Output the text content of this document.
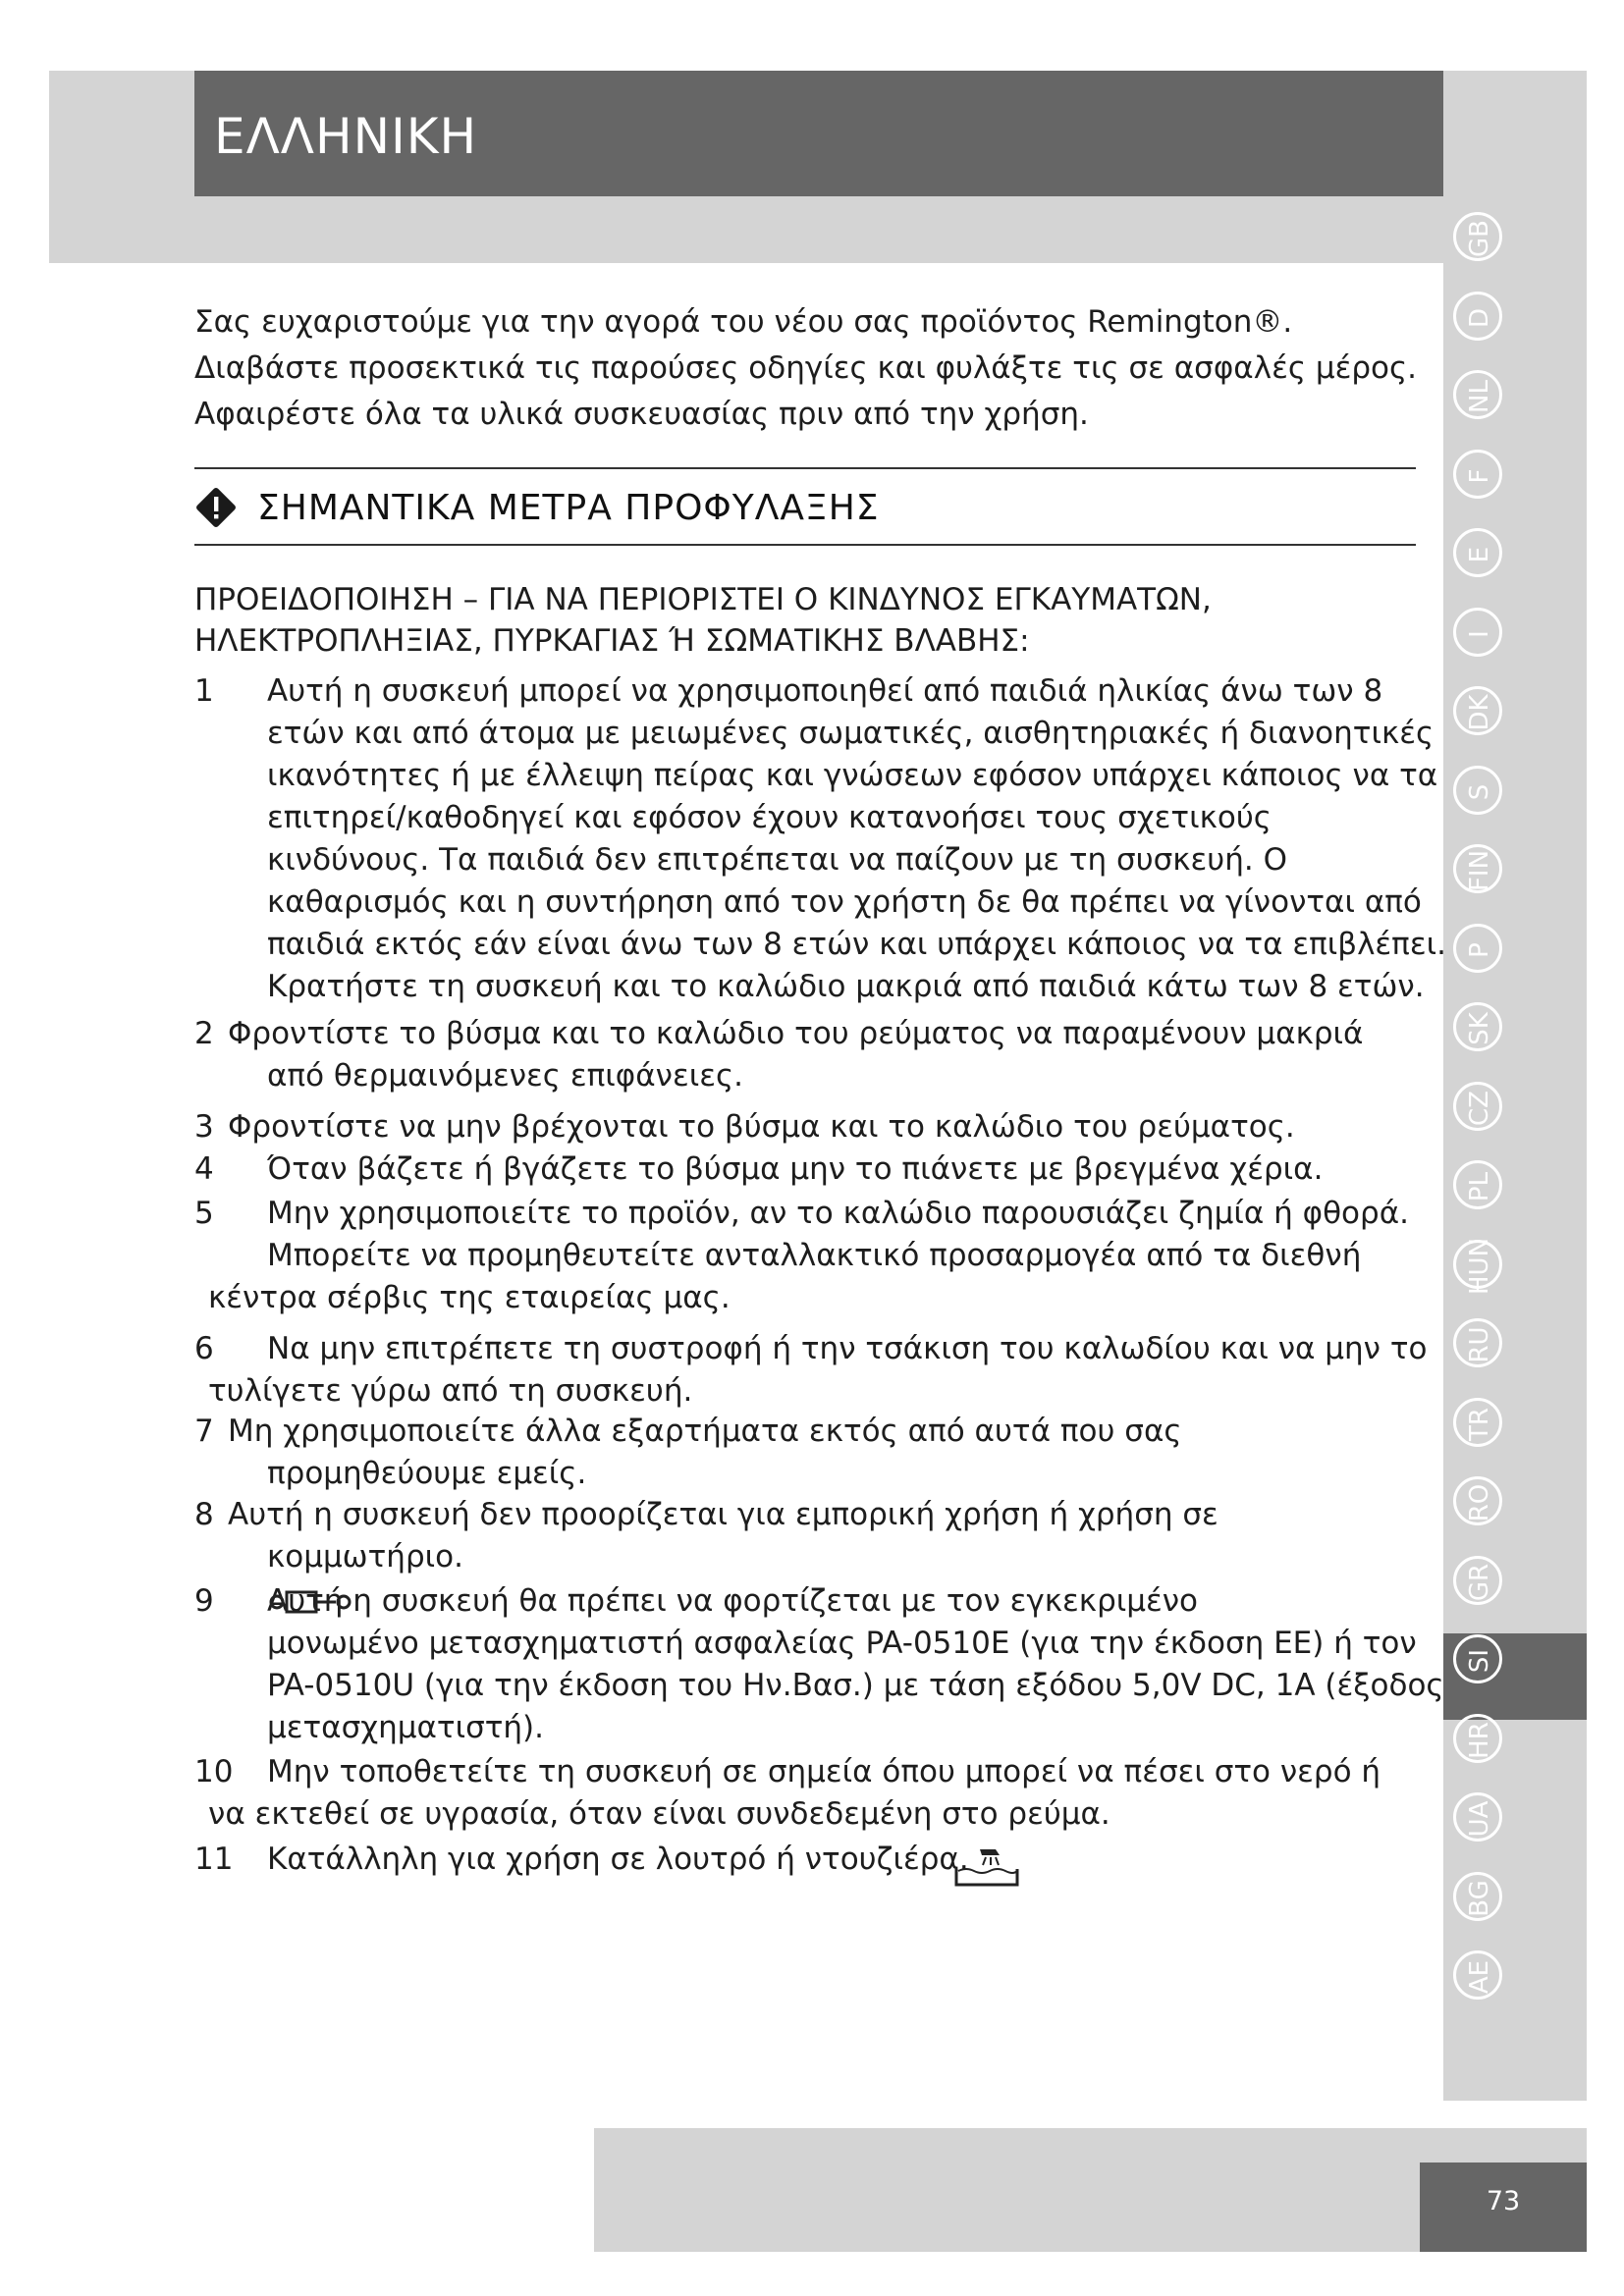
ΕΛΛΗΝΙΚΗ
GB
D
NL
F
E
I
DK
S
FIN
P
SK
CZ
PL
HUN
RU
TR
RO
GR
SI
HR
UA
BG
AE

Σας ευχαριστούμε για την αγορά του νέου σας προϊόντος Remington®.

Διαβάστε προσεκτικά τις παρούσες οδηγίες και φυλάξτε τις σε ασφαλές μέρος.

Αφαιρέστε όλα τα υλικά συσκευασίας πριν από την χρήση.

ΣΗΜΑΝΤΙΚΑ ΜΕΤΡΑ ΠΡΟΦΥΛΑΞΗΣ
ΠΡΟΕΙΔΟΠΟΙΗΣΗ – ΓΙΑ ΝΑ ΠΕΡΙΟΡΙΣΤΕΙ Ο ΚΙΝΔΥΝΟΣ ΕΓΚΑΥΜΑΤΩΝ,
ΗΛΕΚΤΡΟΠΛΗΞΙΑΣ, ΠΥΡΚΑΓΙΑΣ Ή ΣΩΜΑΤΙΚΗΣ ΒΛΑΒΗΣ:
1 Αυτή η συσκευή μπορεί να χρησιμοποιηθεί από παιδιά ηλικίας άνω των 8
ετών και από άτομα με μειωμένες σωματικές, αισθητηριακές ή διανοητικές
ικανότητες ή με έλλειψη πείρας και γνώσεων εφόσον υπάρχει κάποιος να τα
επιτηρεί/καθοδηγεί και εφόσον έχουν κατανοήσει τους σχετικούς
κινδύνους. Τα παιδιά δεν επιτρέπεται να παίζουν με τη συσκευή. Ο
καθαρισμός και η συντήρηση από τον χρήστη δε θα πρέπει να γίνονται από
παιδιά εκτός εάν είναι άνω των 8 ετών και υπάρχει κάποιος να τα επιβλέπει.
Κρατήστε τη συσκευή και το καλώδιο μακριά από παιδιά κάτω των 8 ετών.
2 Φροντίστε το βύσμα και το καλώδιο του ρεύματος να παραμένουν μακριά
από θερμαινόμενες επιφάνειες.
3 Φροντίστε να μην βρέχονται το βύσμα και το καλώδιο του ρεύματος.
4 Όταν βάζετε ή βγάζετε το βύσμα μην το πιάνετε με βρεγμένα χέρια.
5 Μην χρησιμοποιείτε το προϊόν, αν το καλώδιο παρουσιάζει ζημία ή φθορά.
Μπορείτε να προμηθευτείτε ανταλλακτικό προσαρμογέα από τα διεθνή
κέντρα σέρβις της εταιρείας μας.
6 Να μην επιτρέπετε τη συστροφή ή την τσάκιση του καλωδίου και να μην το
τυλίγετε γύρω από τη συσκευή.
7 Μη χρησιμοποιείτε άλλα εξαρτήματα εκτός από αυτά που σας
προμηθεύουμε εμείς.
8 Αυτή η συσκευή δεν προορίζεται για εμπορική χρήση ή χρήση σε
κομμωτήριο.
9 Αυτή η συσκευή θα πρέπει να φορτίζεται με τον εγκεκριμένο
μονωμένο μετασχηματιστή ασφαλείας PA-0510E (για την έκδοση ΕΕ) ή τον
PA-0510U (για την έκδοση του Ην.Βασ.) με τάση εξόδου 5,0V DC, 1A (έξοδος
μετασχηματιστή).
10 Μην τοποθετείτε τη συσκευή σε σημεία όπου μπορεί να πέσει στο νερό ή
να εκτεθεί σε υγρασία, όταν είναι συνδεδεμένη στο ρεύμα.
11 Κατάλληλη για χρήση σε λουτρό ή ντουζιέρα.
73
